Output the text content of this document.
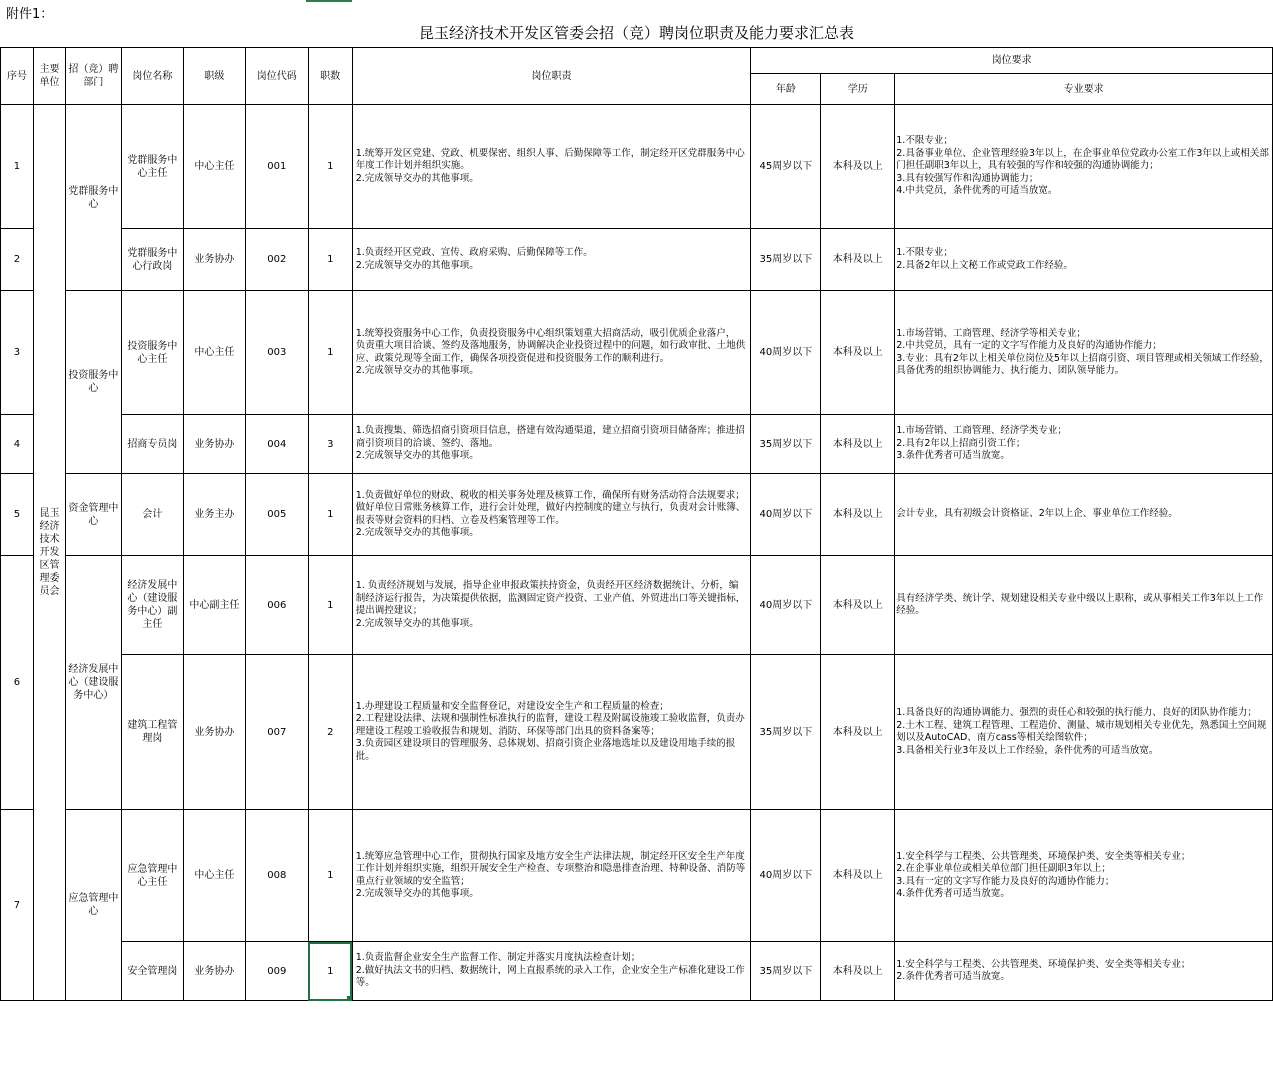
附件1：
昆玉经济技术开发区管委会招（竞）聘岗位职责及能力要求汇总表
序号	主要单位	招（竞）聘部门	岗位名称	职级	岗位代码	职数	岗位职责	岗位要求		
								年龄	学历	专业要求
1	昆玉经济技术开发区管理委员会	党群服务中心	党群服务中心主任	中心主任	001	1	1.统筹开发区党建、党政、机要保密、组织人事、后勤保障等工作，制定经开区党群服务中心年度工作计划并组织实施。
2.完成领导交办的其他事项。	45周岁以下	本科及以上	1.不限专业；
2.具备事业单位、企业管理经验3年以上，在企事业单位党政办公室工作3年以上或相关部门担任副职3年以上，具有较强的写作和较强的沟通协调能力；
3.具有较强写作和沟通协调能力；
4.中共党员，条件优秀的可适当放宽。
2			党群服务中心行政岗	业务协办	002	1	1.负责经开区党政、宣传、政府采购、后勤保障等工作。
2.完成领导交办的其他事项。	35周岁以下	本科及以上	1.不限专业；
2.具备2年以上文秘工作或党政工作经验。
3		投资服务中心	投资服务中心主任	中心主任	003	1	1.统筹投资服务中心工作，负责投资服务中心组织策划重大招商活动，吸引优质企业落户， 负责重大项目洽谈、签约及落地服务，协调解决企业投资过程中的问题，如行政审批、土地供应、政策兑现等全面工作，确保各项投资促进和投资服务工作的顺利进行。
2.完成领导交办的其他事项。	40周岁以下	本科及以上	1.市场营销、工商管理、经济学等相关专业；
2.中共党员，具有一定的文字写作能力及良好的沟通协作能力；
3.专业：具有2年以上相关单位岗位及5年以上招商引资、项目管理或相关领域工作经验，具备优秀的组织协调能力、执行能力、团队领导能力。
4			招商专员岗	业务协办	004	3	1.负责搜集、筛选招商引资项目信息，搭建有效沟通渠道，建立招商引资项目储备库；推进招商引资项目的洽谈、签约、落地。
2.完成领导交办的其他事项。	35周岁以下	本科及以上	1.市场营销、工商管理、经济学类专业；
2.具有2年以上招商引资工作；
3.条件优秀者可适当放宽。
5		资金管理中心	会计	业务主办	005	1	1.负责做好单位的财政、税收的相关事务处理及核算工作，确保所有财务活动符合法规要求； 做好单位日常账务核算工作，进行会计处理，做好内控制度的建立与执行，负责对会计账簿、报表等财会资料的归档、立卷及档案管理等工作。
2.完成领导交办的其他事项。	40周岁以下	本科及以上	会计专业，具有初级会计资格证、2年以上企、事业单位工作经验。
6		经济发展中心（建设服务中心）	经济发展中心（建设服务中心）副主任	中心副主任	006	1	1. 负责经济规划与发展，指导企业申报政策扶持资金，负责经开区经济数据统计、分析，编制经济运行报告，为决策提供依据，监测固定资产投资、工业产值、外贸进出口等关键指标，提出调控建议；
2.完成领导交办的其他事项。	40周岁以下	本科及以上	具有经济学类、统计学、规划建设相关专业中级以上职称，或从事相关工作3年以上工作经验。
			建筑工程管理岗	业务协办	007	2	1.办理建设工程质量和安全监督登记，对建设安全生产和工程质量的检查；
2.工程建设法律、法规和强制性标准执行的监督，建设工程及附属设施竣工验收监督，负责办理建设工程竣工验收报告和规划、消防、环保等部门出具的资料备案等；
3.负责园区建设项目的管理服务、总体规划、招商引资企业落地选址以及建设用地手续的报批。	35周岁以下	本科及以上	1.具备良好的沟通协调能力、强烈的责任心和较强的执行能力、良好的团队协作能力；
2.土木工程、建筑工程管理、工程造价、测量、城市规划相关专业优先，熟悉国土空间规划以及AutoCAD、南方cass等相关绘图软件；
3.具备相关行业3年及以上工作经验，条件优秀的可适当放宽。
7		应急管理中心	应急管理中心主任	中心主任	008	1	1.统筹应急管理中心工作，贯彻执行国家及地方安全生产法律法规，制定经开区安全生产年度工作计划并组织实施，组织开展安全生产检查、专项整治和隐患排查治理、特种设备、消防等重点行业领域的安全监管；
2.完成领导交办的其他事项。	40周岁以下	本科及以上	1.安全科学与工程类、公共管理类、环境保护类、安全类等相关专业；
2.在企事业单位或相关单位部门担任副职3年以上；
3.具有一定的文字写作能力及良好的沟通协作能力；
4.条件优秀者可适当放宽。
			安全管理岗	业务协办	009	1	1.负责监督企业安全生产监督工作、制定并落实月度执法检查计划；
2.做好执法文书的归档、数据统计，网上直报系统的录入工作，企业安全生产标准化建设工作等。	35周岁以下	本科及以上	1.安全科学与工程类、公共管理类、环境保护类、安全类等相关专业；
2.条件优秀者可适当放宽。
